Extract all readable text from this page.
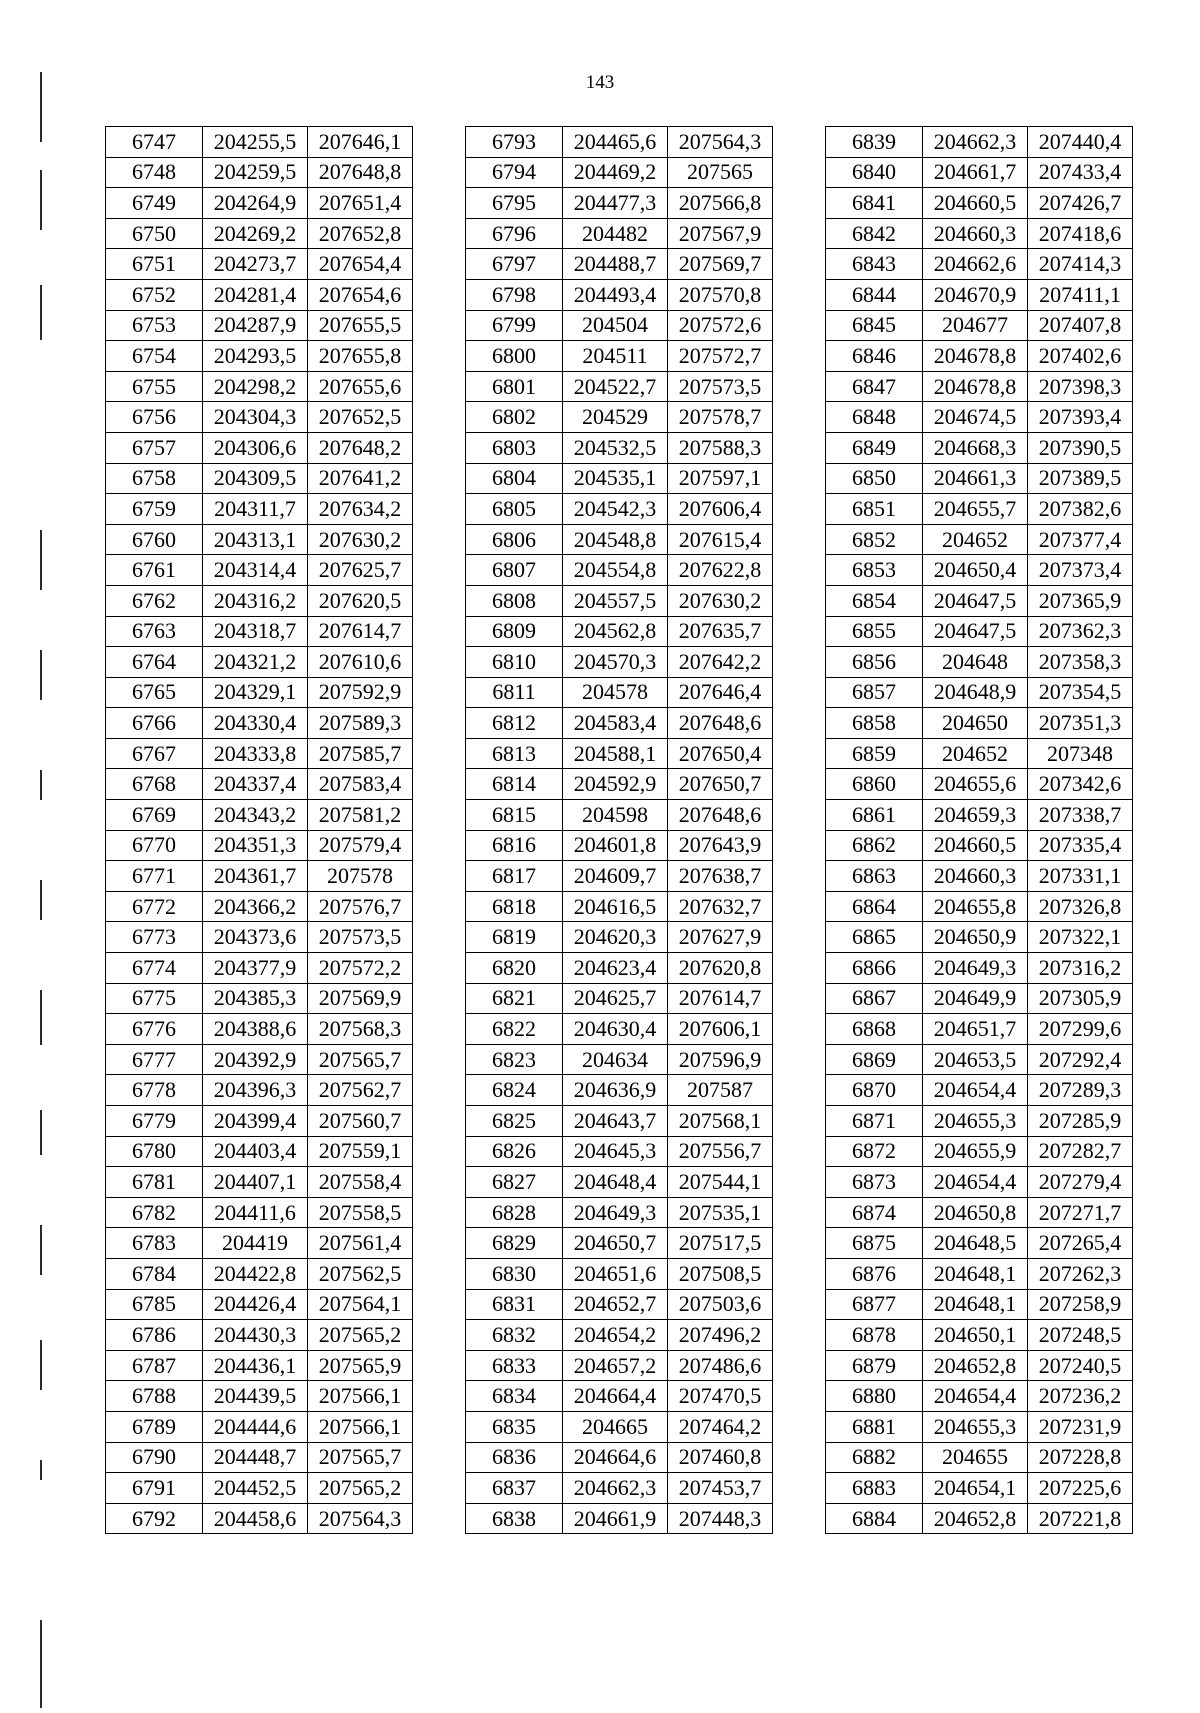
143
6747	204255,5	207646,1
6748	204259,5	207648,8
6749	204264,9	207651,4
6750	204269,2	207652,8
6751	204273,7	207654,4
6752	204281,4	207654,6
6753	204287,9	207655,5
6754	204293,5	207655,8
6755	204298,2	207655,6
6756	204304,3	207652,5
6757	204306,6	207648,2
6758	204309,5	207641,2
6759	204311,7	207634,2
6760	204313,1	207630,2
6761	204314,4	207625,7
6762	204316,2	207620,5
6763	204318,7	207614,7
6764	204321,2	207610,6
6765	204329,1	207592,9
6766	204330,4	207589,3
6767	204333,8	207585,7
6768	204337,4	207583,4
6769	204343,2	207581,2
6770	204351,3	207579,4
6771	204361,7	207578
6772	204366,2	207576,7
6773	204373,6	207573,5
6774	204377,9	207572,2
6775	204385,3	207569,9
6776	204388,6	207568,3
6777	204392,9	207565,7
6778	204396,3	207562,7
6779	204399,4	207560,7
6780	204403,4	207559,1
6781	204407,1	207558,4
6782	204411,6	207558,5
6783	204419	207561,4
6784	204422,8	207562,5
6785	204426,4	207564,1
6786	204430,3	207565,2
6787	204436,1	207565,9
6788	204439,5	207566,1
6789	204444,6	207566,1
6790	204448,7	207565,7
6791	204452,5	207565,2
6792	204458,6	207564,3
6793	204465,6	207564,3
6794	204469,2	207565
6795	204477,3	207566,8
6796	204482	207567,9
6797	204488,7	207569,7
6798	204493,4	207570,8
6799	204504	207572,6
6800	204511	207572,7
6801	204522,7	207573,5
6802	204529	207578,7
6803	204532,5	207588,3
6804	204535,1	207597,1
6805	204542,3	207606,4
6806	204548,8	207615,4
6807	204554,8	207622,8
6808	204557,5	207630,2
6809	204562,8	207635,7
6810	204570,3	207642,2
6811	204578	207646,4
6812	204583,4	207648,6
6813	204588,1	207650,4
6814	204592,9	207650,7
6815	204598	207648,6
6816	204601,8	207643,9
6817	204609,7	207638,7
6818	204616,5	207632,7
6819	204620,3	207627,9
6820	204623,4	207620,8
6821	204625,7	207614,7
6822	204630,4	207606,1
6823	204634	207596,9
6824	204636,9	207587
6825	204643,7	207568,1
6826	204645,3	207556,7
6827	204648,4	207544,1
6828	204649,3	207535,1
6829	204650,7	207517,5
6830	204651,6	207508,5
6831	204652,7	207503,6
6832	204654,2	207496,2
6833	204657,2	207486,6
6834	204664,4	207470,5
6835	204665	207464,2
6836	204664,6	207460,8
6837	204662,3	207453,7
6838	204661,9	207448,3
6839	204662,3	207440,4
6840	204661,7	207433,4
6841	204660,5	207426,7
6842	204660,3	207418,6
6843	204662,6	207414,3
6844	204670,9	207411,1
6845	204677	207407,8
6846	204678,8	207402,6
6847	204678,8	207398,3
6848	204674,5	207393,4
6849	204668,3	207390,5
6850	204661,3	207389,5
6851	204655,7	207382,6
6852	204652	207377,4
6853	204650,4	207373,4
6854	204647,5	207365,9
6855	204647,5	207362,3
6856	204648	207358,3
6857	204648,9	207354,5
6858	204650	207351,3
6859	204652	207348
6860	204655,6	207342,6
6861	204659,3	207338,7
6862	204660,5	207335,4
6863	204660,3	207331,1
6864	204655,8	207326,8
6865	204650,9	207322,1
6866	204649,3	207316,2
6867	204649,9	207305,9
6868	204651,7	207299,6
6869	204653,5	207292,4
6870	204654,4	207289,3
6871	204655,3	207285,9
6872	204655,9	207282,7
6873	204654,4	207279,4
6874	204650,8	207271,7
6875	204648,5	207265,4
6876	204648,1	207262,3
6877	204648,1	207258,9
6878	204650,1	207248,5
6879	204652,8	207240,5
6880	204654,4	207236,2
6881	204655,3	207231,9
6882	204655	207228,8
6883	204654,1	207225,6
6884	204652,8	207221,8
